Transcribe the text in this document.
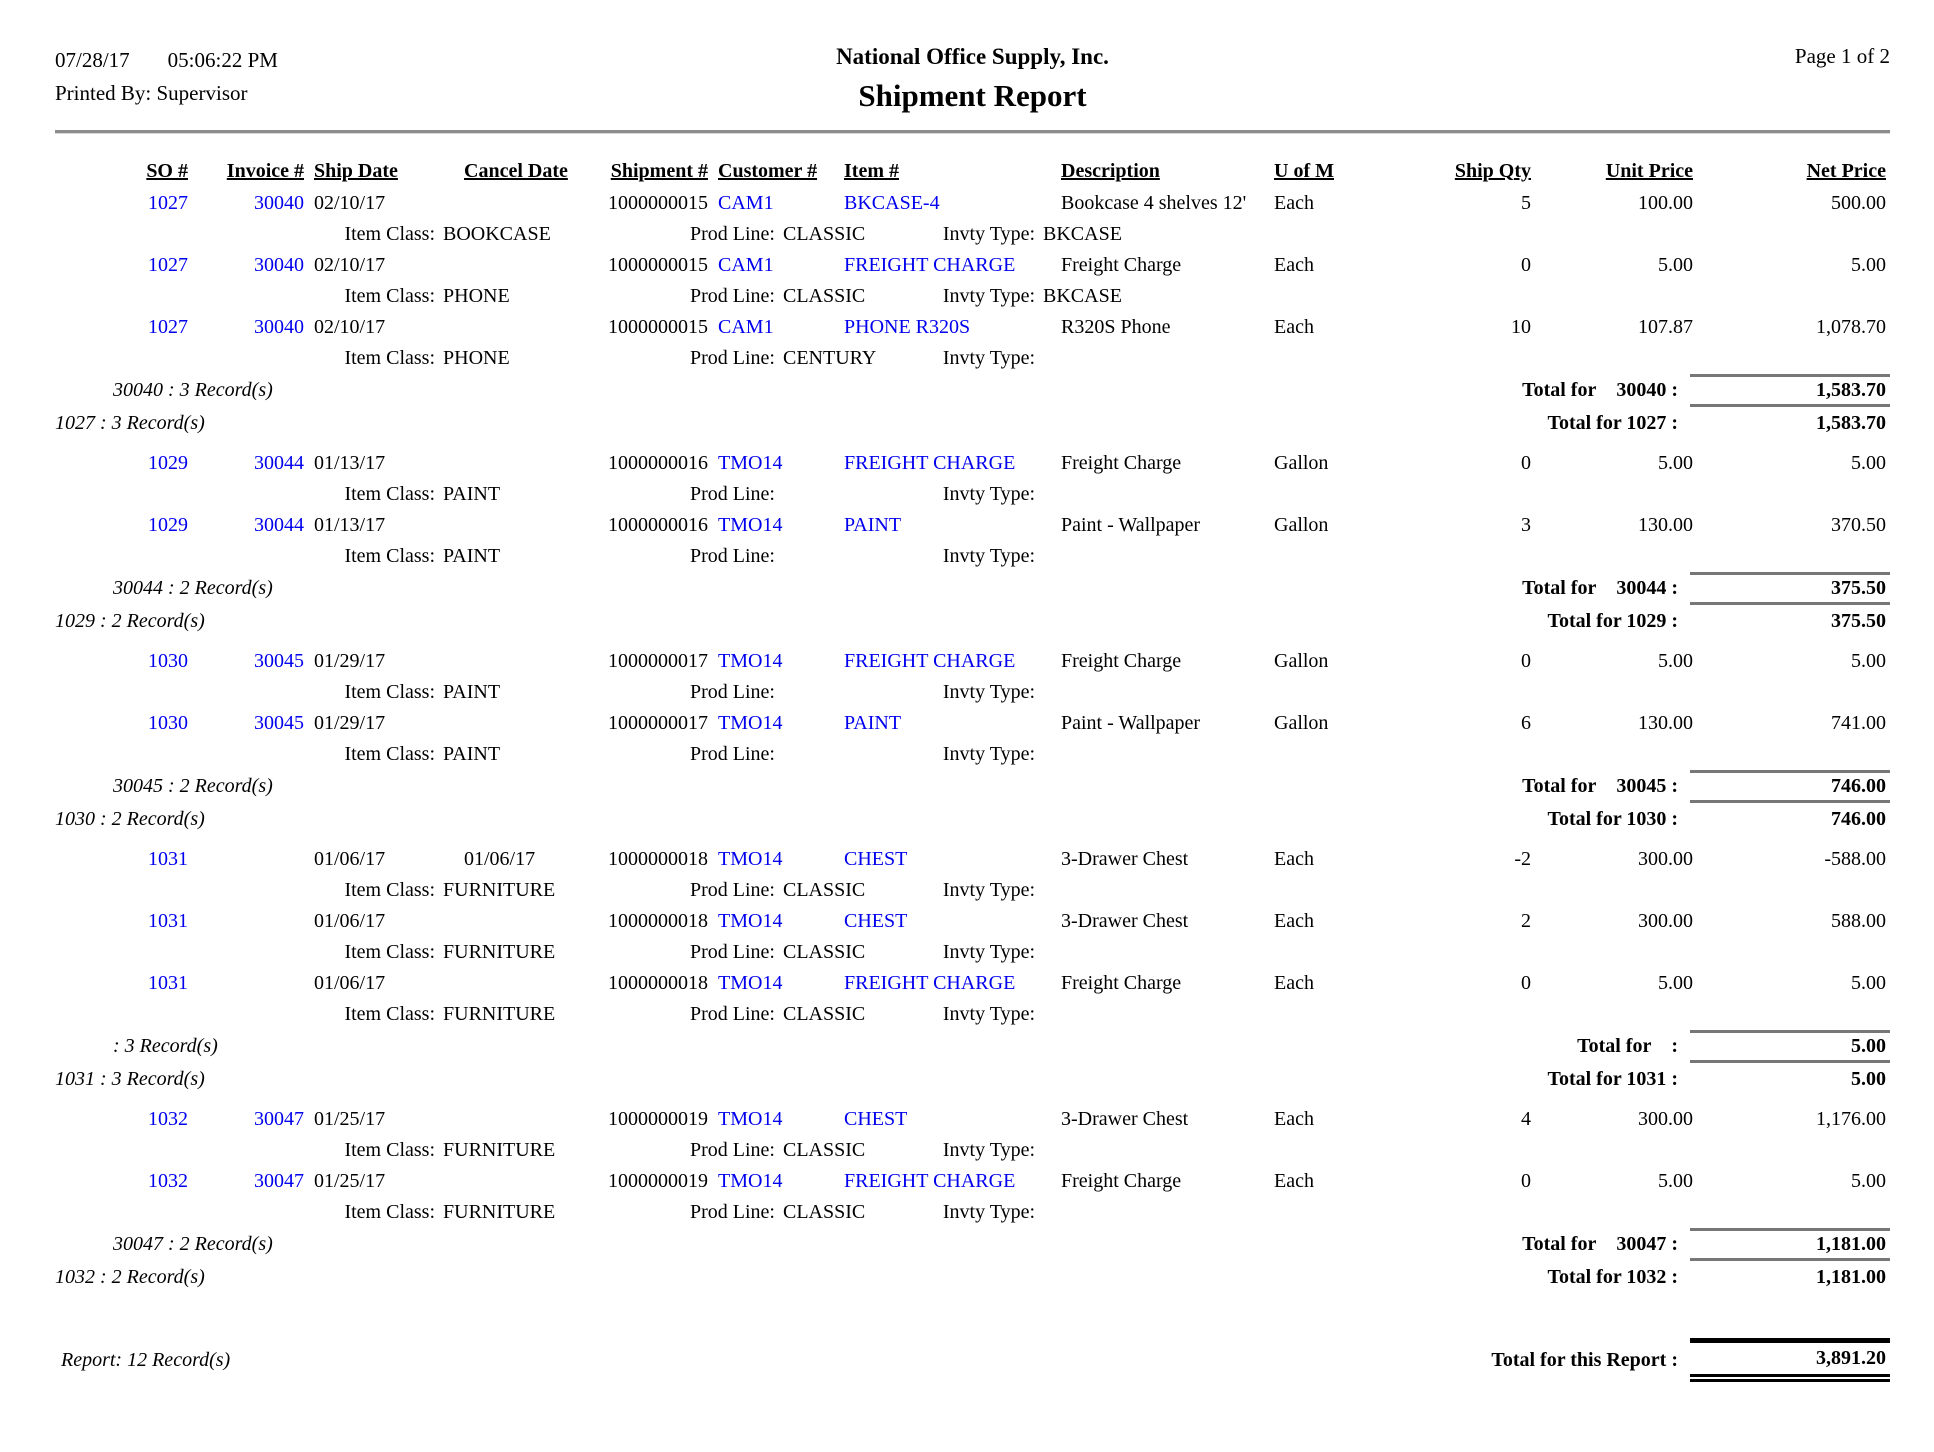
07/28/17 05:06:22 PM
Printed By: Supervisor
National Office Supply, Inc.
Shipment Report
Page 1 of 2
SO #	Invoice # Ship Date	Cancel Date	Shipment # Customer #	Item #	Description	U of M	Ship Qty	Unit Price	Net Price
1027	30040 02/10/17	1000000015 CAM1	BKCASE-4	Bookcase 4 shelves 12'	Each	5	100.00	500.00
Item Class: BOOKCASE	Prod Line: CLASSIC	Invty Type: BKCASE
1027	30040 02/10/17	1000000015 CAM1	FREIGHT CHARGE	Freight Charge	Each	0	5.00	5.00
Item Class: PHONE	Prod Line: CLASSIC	Invty Type: BKCASE
1027	30040 02/10/17	1000000015 CAM1	PHONE R320S	R320S Phone	Each	10	107.87	1,078.70
Item Class: PHONE	Prod Line: CENTURY	Invty Type:
30040 : 3 Record(s)	Total for 30040 :	1,583.70
1027 : 3 Record(s)	Total for 1027 :	1,583.70
1029	30044 01/13/17	1000000016 TMO14	FREIGHT CHARGE	Freight Charge	Gallon	0	5.00	5.00
Item Class: PAINT	Prod Line:	Invty Type:
1029	30044 01/13/17	1000000016 TMO14	PAINT	Paint - Wallpaper	Gallon	3	130.00	370.50
Item Class: PAINT	Prod Line:	Invty Type:
30044 : 2 Record(s)	Total for 30044 :	375.50
1029 : 2 Record(s)	Total for 1029 :	375.50
1030	30045 01/29/17	1000000017 TMO14	FREIGHT CHARGE	Freight Charge	Gallon	0	5.00	5.00
Item Class: PAINT	Prod Line:	Invty Type:
1030	30045 01/29/17	1000000017 TMO14	PAINT	Paint - Wallpaper	Gallon	6	130.00	741.00
Item Class: PAINT	Prod Line:	Invty Type:
30045 : 2 Record(s)	Total for 30045 :	746.00
1030 : 2 Record(s)	Total for 1030 :	746.00
1031	01/06/17	01/06/17	1000000018 TMO14	CHEST	3-Drawer Chest	Each	-2	300.00	-588.00
Item Class: FURNITURE	Prod Line: CLASSIC	Invty Type:
1031	01/06/17	1000000018 TMO14	CHEST	3-Drawer Chest	Each	2	300.00	588.00
Item Class: FURNITURE	Prod Line: CLASSIC	Invty Type:
1031	01/06/17	1000000018 TMO14	FREIGHT CHARGE	Freight Charge	Each	0	5.00	5.00
Item Class: FURNITURE	Prod Line: CLASSIC	Invty Type:
: 3 Record(s)	Total for :	5.00
1031 : 3 Record(s)	Total for 1031 :	5.00
1032	30047 01/25/17	1000000019 TMO14	CHEST	3-Drawer Chest	Each	4	300.00	1,176.00
Item Class: FURNITURE	Prod Line: CLASSIC	Invty Type:
1032	30047 01/25/17	1000000019 TMO14	FREIGHT CHARGE	Freight Charge	Each	0	5.00	5.00
Item Class: FURNITURE	Prod Line: CLASSIC	Invty Type:
30047 : 2 Record(s)	Total for 30047 :	1,181.00
1032 : 2 Record(s)	Total for 1032 :	1,181.00
Report: 12 Record(s)	Total for this Report :	3,891.20
